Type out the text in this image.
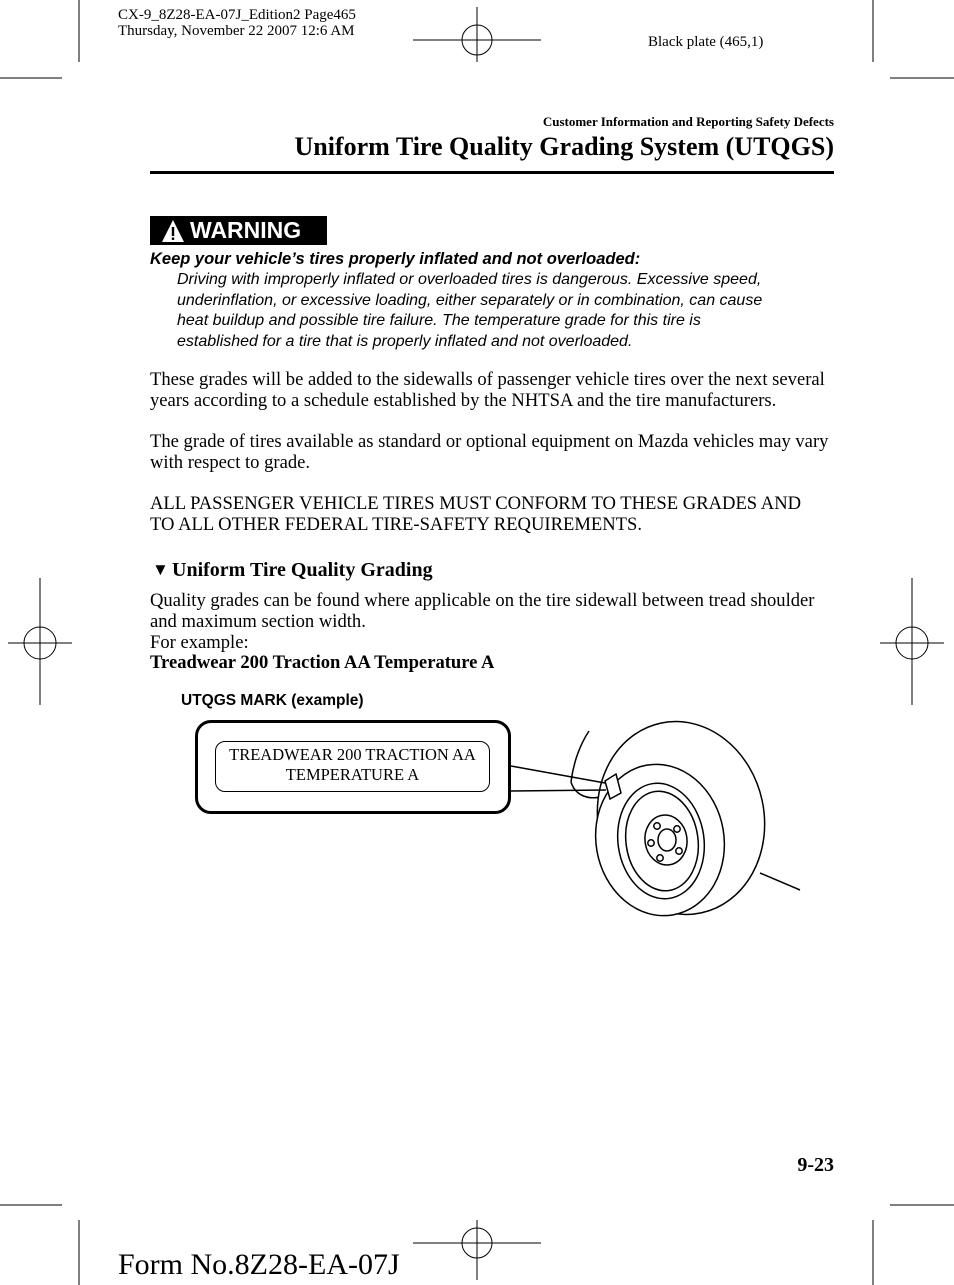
CX-9_8Z28-EA-07J_Edition2 Page465
Thursday, November 22 2007 12:6 AM
Black plate (465,1)
Customer Information and Reporting Safety Defects
Uniform Tire Quality Grading System (UTQGS)
WARNING
Keep your vehicle’s tires properly inflated and not overloaded:
Driving with improperly inflated or overloaded tires is dangerous. Excessive speed,
underinflation, or excessive loading, either separately or in combination, can cause
heat buildup and possible tire failure. The temperature grade for this tire is
established for a tire that is properly inflated and not overloaded.
These grades will be added to the sidewalls of passenger vehicle tires over the next several
years according to a schedule established by the NHTSA and the tire manufacturers.
The grade of tires available as standard or optional equipment on Mazda vehicles may vary
with respect to grade.
ALL PASSENGER VEHICLE TIRES MUST CONFORM TO THESE GRADES AND
TO ALL OTHER FEDERAL TIRE-SAFETY REQUIREMENTS.
▼ Uniform Tire Quality Grading
Quality grades can be found where applicable on the tire sidewall between tread shoulder
and maximum section width.
For example:
Treadwear 200 Traction AA Temperature A
UTQGS MARK (example)
TREADWEAR 200 TRACTION AA
TEMPERATURE A
9-23
Form No.8Z28-EA-07J
